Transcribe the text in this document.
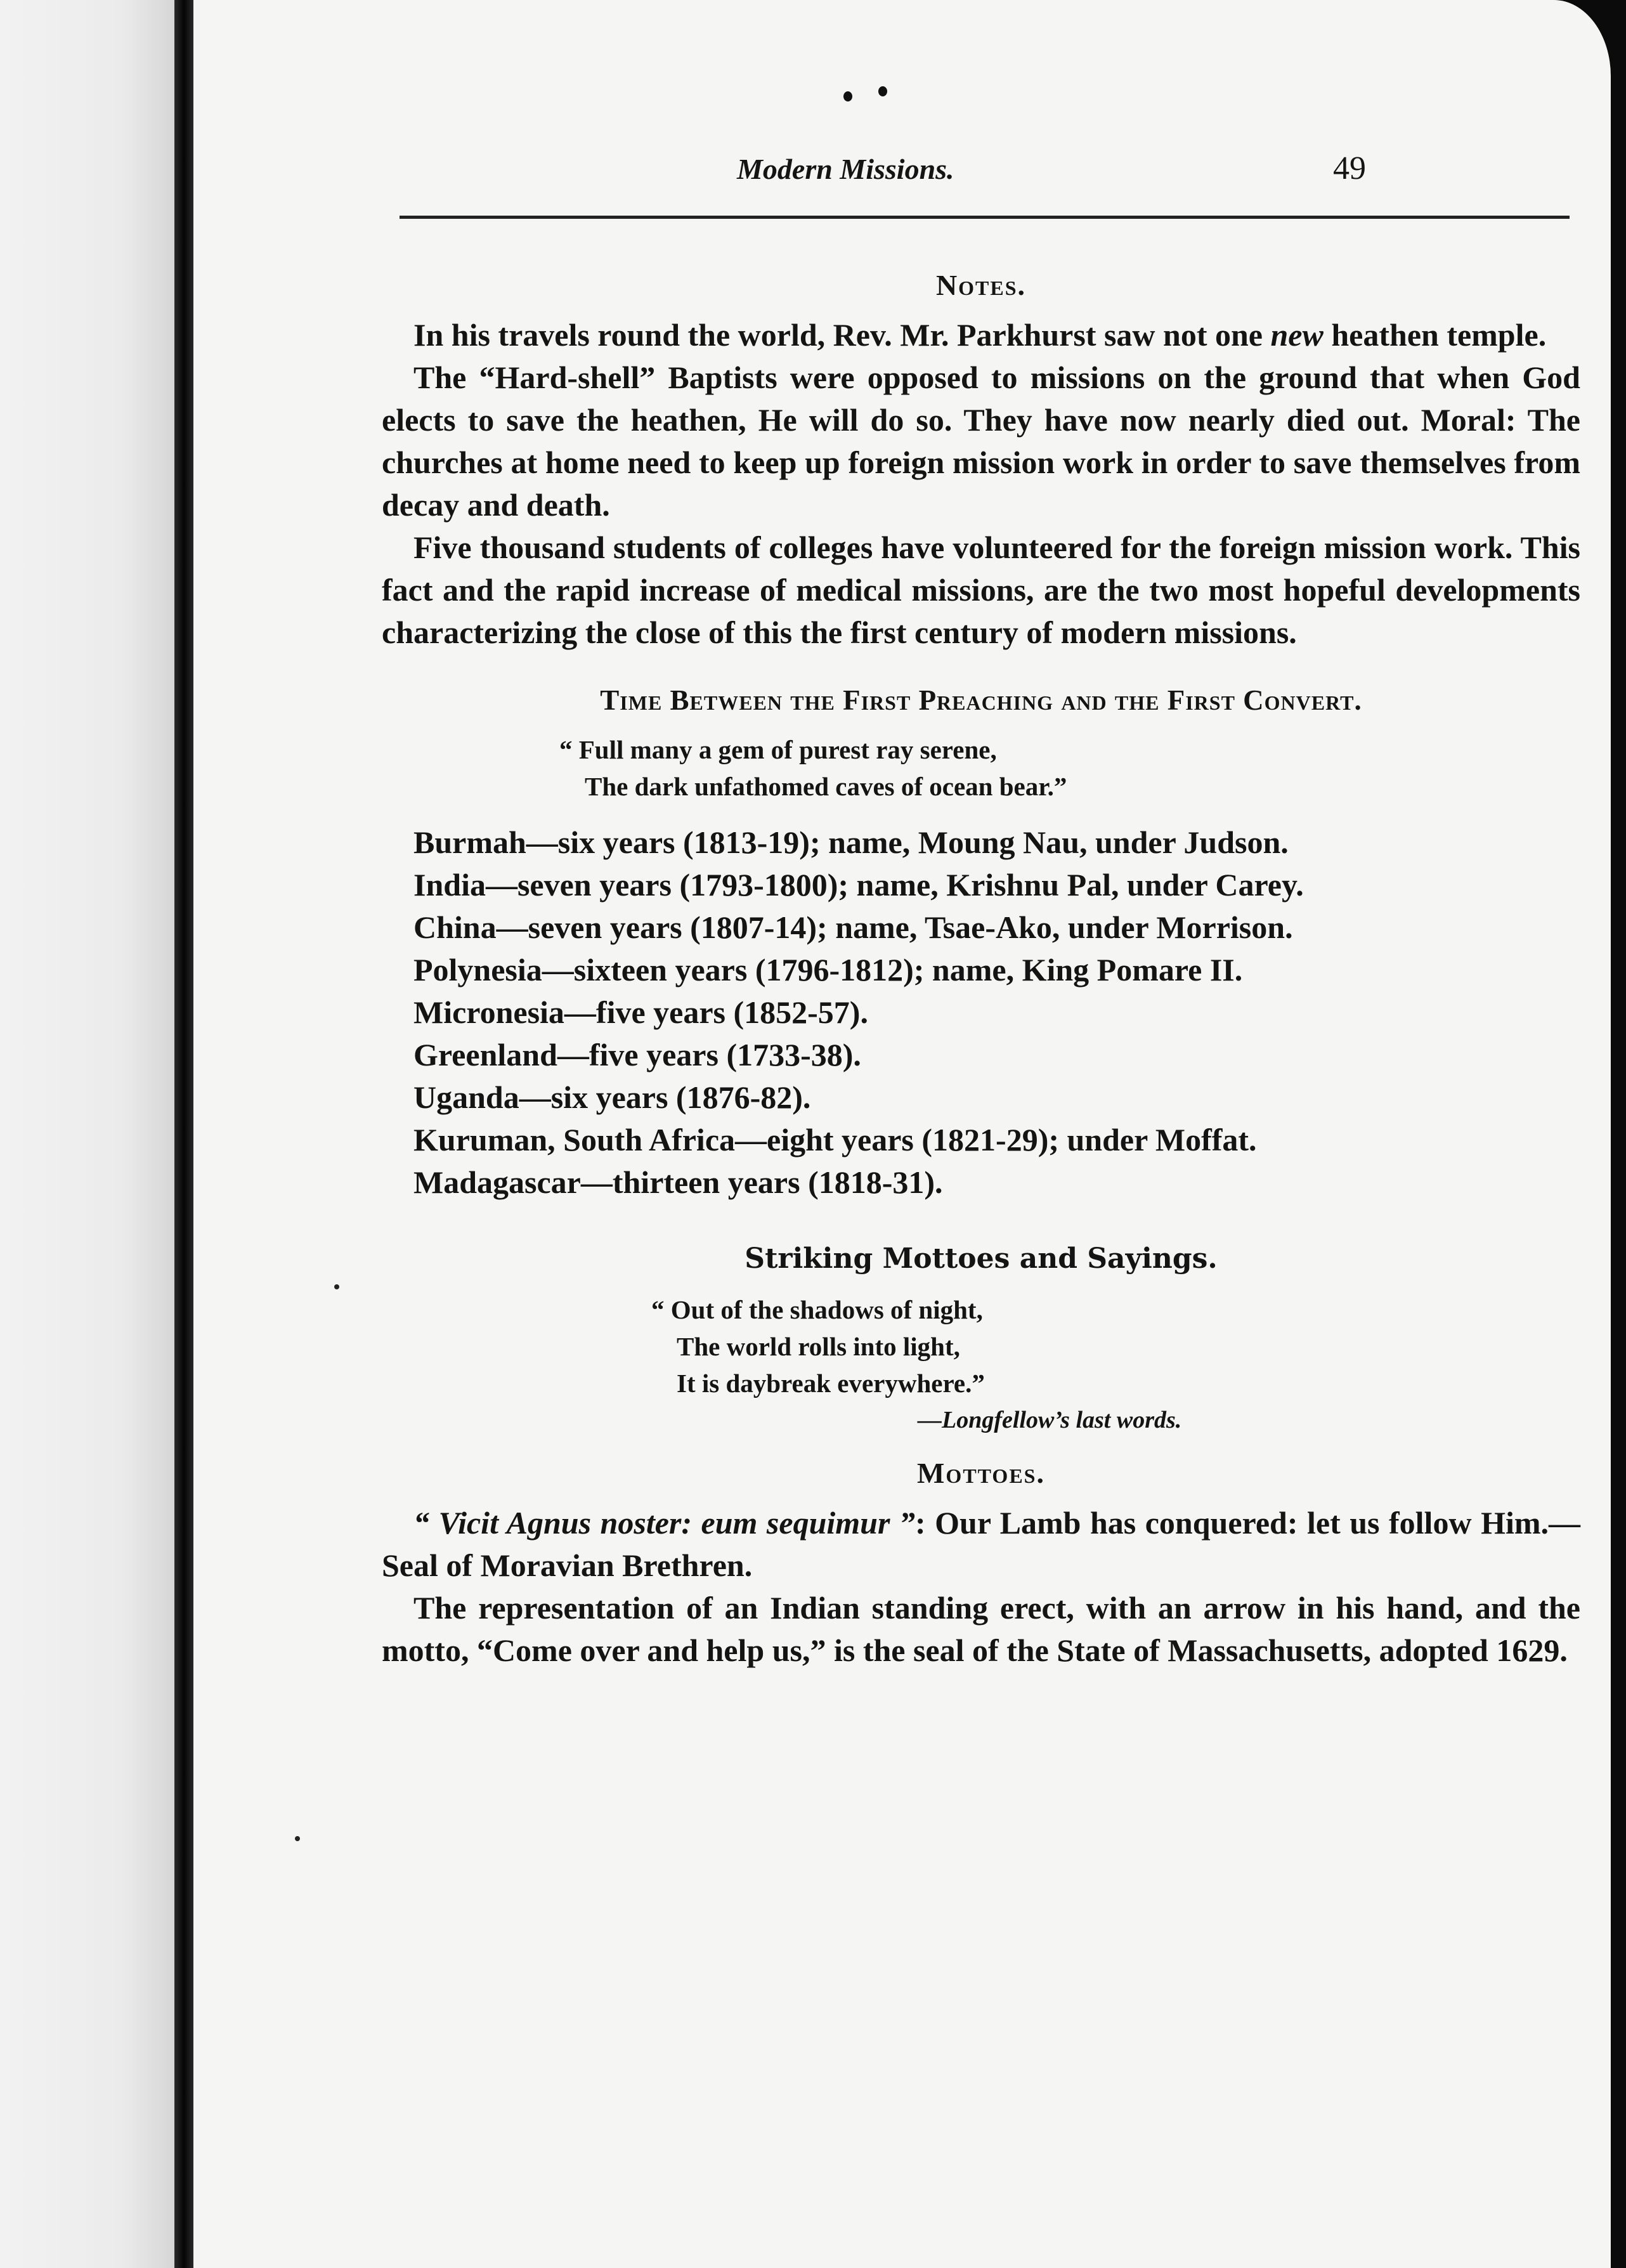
Modern Missions.	49

Notes.

In his travels round the world, Rev. Mr. Parkhurst saw not one new heathen temple.

The “Hard-shell” Baptists were opposed to missions on the ground that when God elects to save the heathen, He will do so. They have now nearly died out. Moral: The churches at home need to keep up foreign mission work in order to save themselves from decay and death.

Five thousand students of colleges have volunteered for the foreign mission work. This fact and the rapid increase of medical missions, are the two most hopeful developments characterizing the close of this the first century of modern missions.

Time Between the First Preaching and the First Convert.

“ Full many a gem of purest ray serene,
The dark unfathomed caves of ocean bear.”

Burmah—six years (1813-19); name, Moung Nau, under Judson.

India—seven years (1793-1800); name, Krishnu Pal, under Carey.

China—seven years (1807-14); name, Tsae-Ako, under Morrison.

Polynesia—sixteen years (1796-1812); name, King Pomare II.

Micronesia—five years (1852-57).

Greenland—five years (1733-38).

Uganda—six years (1876-82).

Kuruman, South Africa—eight years (1821-29); under Moffat.

Madagascar—thirteen years (1818-31).

Striking Mottoes and Sayings.

“ Out of the shadows of night,
The world rolls into light,
It is daybreak everywhere.”
—Longfellow’s last words.

Mottoes.

“ Vicit Agnus noster: eum sequimur ”: Our Lamb has conquered: let us follow Him.—Seal of Moravian Brethren.

The representation of an Indian standing erect, with an arrow in his hand, and the motto, “Come over and help us,” is the seal of the State of Massachusetts, adopted 1629.
